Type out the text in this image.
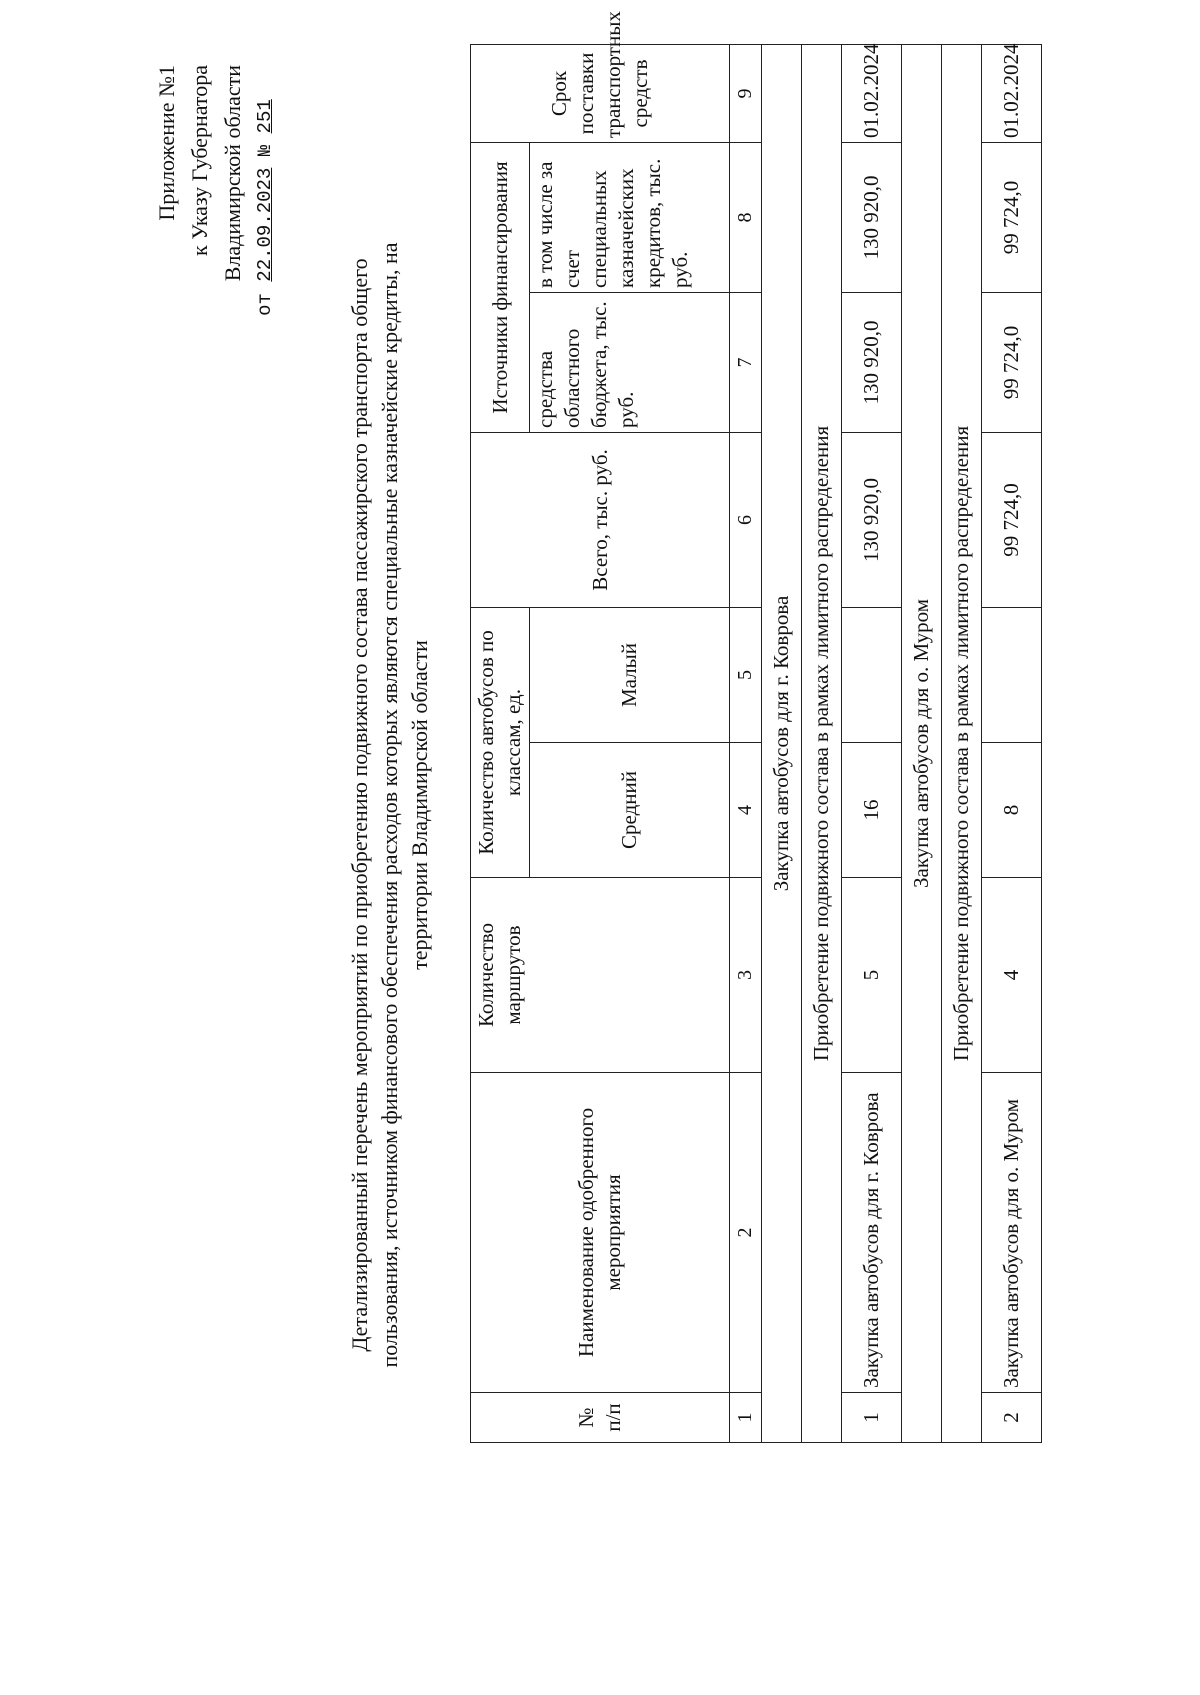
Приложение №1 к Указу Губернатора Владимирской области
от 22.09.2023 № 251
Детализированный перечень мероприятий по приобретению подвижного состава пассажирского транспорта общего пользования, источником финансового обеспечения расходов которых являются специальные казначейские кредиты, на территории Владимирской области
№ п/п	Наименование одобренного мероприятия	Количество маршрутов	Количество автобусов по классам, ед.		Всего, тыс. руб.	Источники финансирования		Срок поставки транспортных средств
			Средний	Малый		средства областного бюджета, тыс. руб.	в том числе за счет специальных казначейских кредитов, тыс. руб.	
1	2	3	4	5	6	7	8	9
Закупка автобусов для г. Коврова								
Приобретение подвижного состава в рамках лимитного распределения								
1	Закупка автобусов для г. Коврова	5	16		130 920,0	130 920,0	130 920,0	01.02.2024
Закупка автобусов для о. Муром								
Приобретение подвижного состава в рамках лимитного распределения								
2	Закупка автобусов для о. Муром	4	8		99 724,0	99 724,0	99 724,0	01.02.2024
